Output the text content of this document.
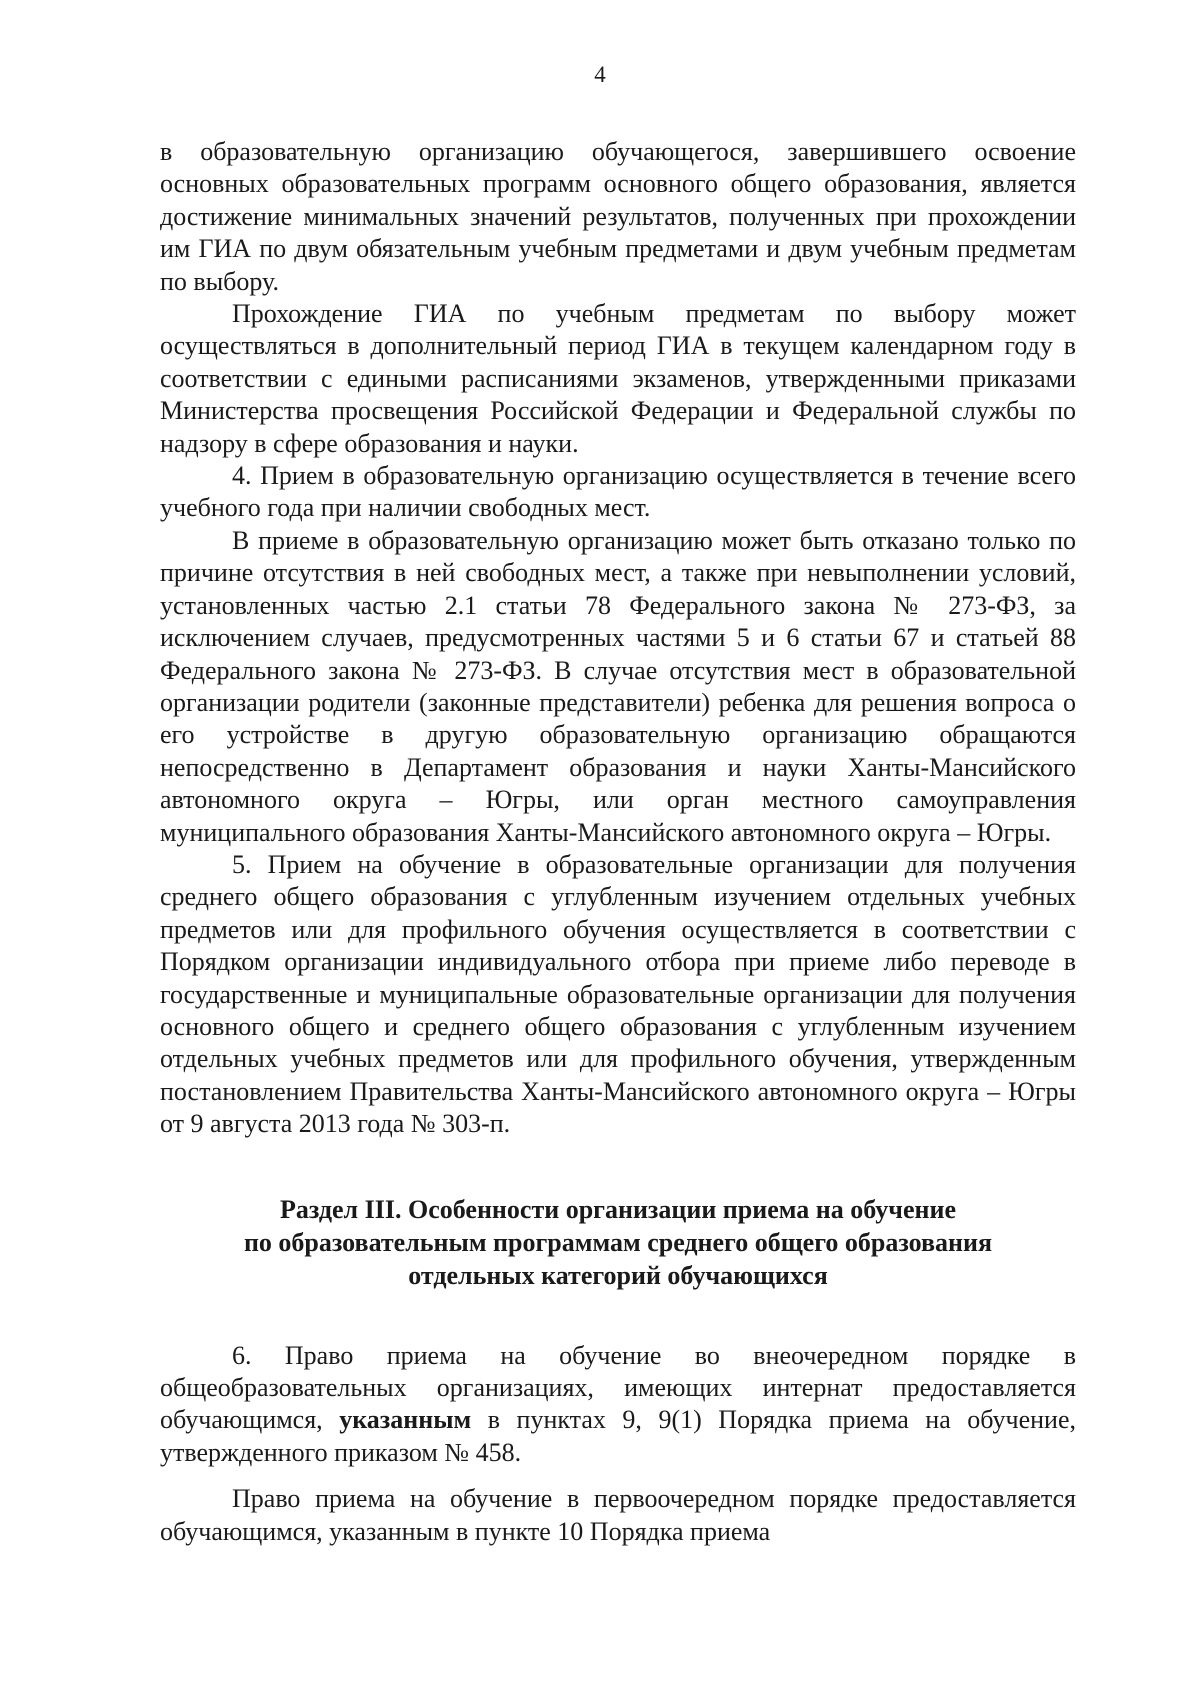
4

в образовательную организацию обучающегося, завершившего освоение основных образовательных программ основного общего образования, является достижение минимальных значений результатов, полученных при прохождении им ГИА по двум обязательным учебным предметами и двум учебным предметам по выбору.

Прохождение ГИА по учебным предметам по выбору может осуществляться в дополнительный период ГИА в текущем календарном году в соответствии с едиными расписаниями экзаменов, утвержденными приказами Министерства просвещения Российской Федерации и Федеральной службы по надзору в сфере образования и науки.

4. Прием в образовательную организацию осуществляется в течение всего учебного года при наличии свободных мест.

В приеме в образовательную организацию может быть отказано только по причине отсутствия в ней свободных мест, а также при невыполнении условий, установленных частью 2.1 статьи 78 Федерального закона № 273-ФЗ, за исключением случаев, предусмотренных частями 5 и 6 статьи 67 и статьей 88 Федерального закона № 273-ФЗ. В случае отсутствия мест в образовательной организации родители (законные представители) ребенка для решения вопроса о его устройстве в другую образовательную организацию обращаются непосредственно в Департамент образования и науки Ханты-Мансийского автономного округа – Югры, или орган местного самоуправления муниципального образования Ханты-Мансийского автономного округа – Югры.

5. Прием на обучение в образовательные организации для получения среднего общего образования с углубленным изучением отдельных учебных предметов или для профильного обучения осуществляется в соответствии с Порядком организации индивидуального отбора при приеме либо переводе в государственные и муниципальные образовательные организации для получения основного общего и среднего общего образования с углубленным изучением отдельных учебных предметов или для профильного обучения, утвержденным постановлением Правительства Ханты-Мансийского автономного округа – Югры от 9 августа 2013 года № 303-п.

Раздел III. Особенности организации приема на обучение
по образовательным программам среднего общего образования
отдельных категорий обучающихся

6. Право приема на обучение во внеочередном порядке в общеобразовательных организациях, имеющих интернат предоставляется обучающимся, указанным в пунктах 9, 9(1) Порядка приема на обучение, утвержденного приказом № 458.

Право приема на обучение в первоочередном порядке предоставляется обучающимся, указанным в пункте 10 Порядка приема
